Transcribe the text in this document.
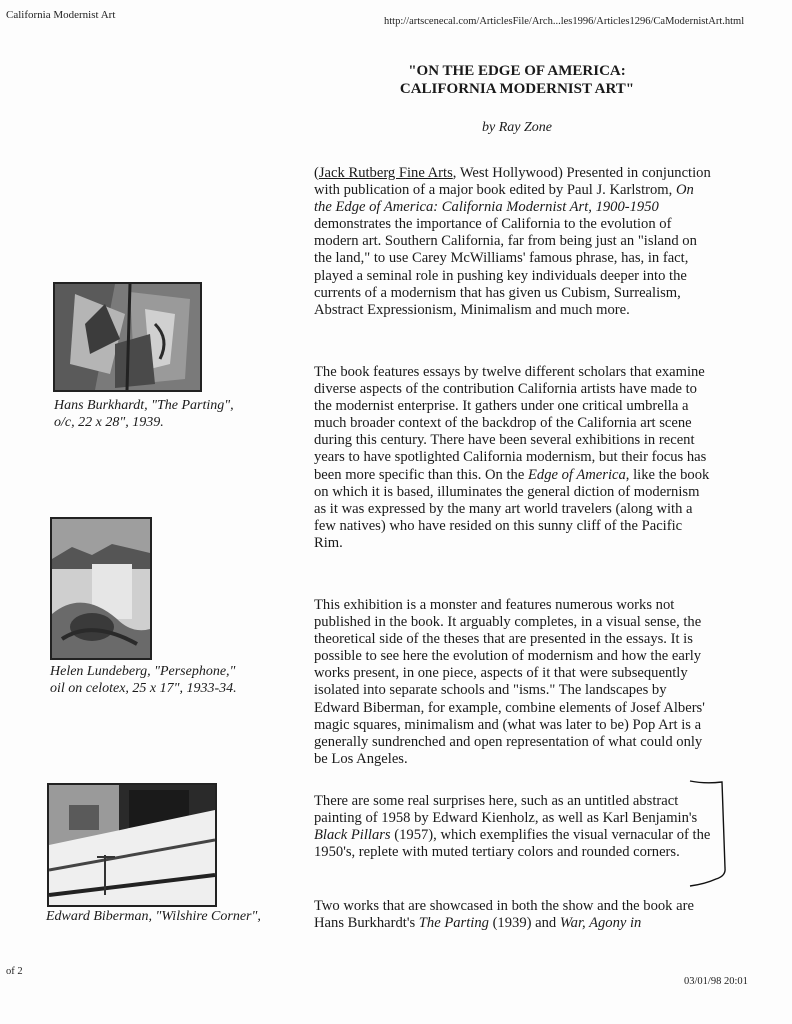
California Modernist Art
http://artscenecal.com/ArticlesFile/Arch...les1996/Articles1296/CaModernistArt.html
"ON THE EDGE OF AMERICA:
CALIFORNIA MODERNIST ART"
by Ray Zone

(Jack Rutberg Fine Arts, West Hollywood) Presented in conjunction with publication of a major book edited by Paul J. Karlstrom, On the Edge of America: California Modernist Art, 1900-1950 demonstrates the importance of California to the evolution of modern art. Southern California, far from being just an "island on the land," to use Carey McWilliams' famous phrase, has, in fact, played a seminal role in pushing key individuals deeper into the currents of a modernism that has given us Cubism, Surrealism, Abstract Expressionism, Minimalism and much more.

The book features essays by twelve different scholars that examine diverse aspects of the contribution California artists have made to the modernist enterprise. It gathers under one critical umbrella a much broader context of the backdrop of the California art scene during this century. There have been several exhibitions in recent years to have spotlighted California modernism, but their focus has been more specific than this. On the Edge of America, like the book on which it is based, illuminates the general diction of modernism as it was expressed by the many art world travelers (along with a few natives) who have resided on this sunny cliff of the Pacific Rim.

This exhibition is a monster and features numerous works not published in the book. It arguably completes, in a visual sense, the theoretical side of the theses that are presented in the essays. It is possible to see here the evolution of modernism and how the early works present, in one piece, aspects of it that were subsequently isolated into separate schools and "isms." The landscapes by Edward Biberman, for example, combine elements of Josef Albers' magic squares, minimalism and (what was later to be) Pop Art is a generally sundrenched and open representation of what could only be Los Angeles.

There are some real surprises here, such as an untitled abstract painting of 1958 by Edward Kienholz, as well as Karl Benjamin's Black Pillars (1957), which exemplifies the visual vernacular of the 1950's, replete with muted tertiary colors and rounded corners.

Two works that are showcased in both the show and the book are Hans Burkhardt's The Parting (1939) and War, Agony in

Hans Burkhardt, "The Parting",
o/c, 22 x 28", 1939.
Helen Lundeberg, "Persephone,"
oil on celotex, 25 x 17", 1933-34.
Edward Biberman, "Wilshire Corner",
of 2
03/01/98 20:01
